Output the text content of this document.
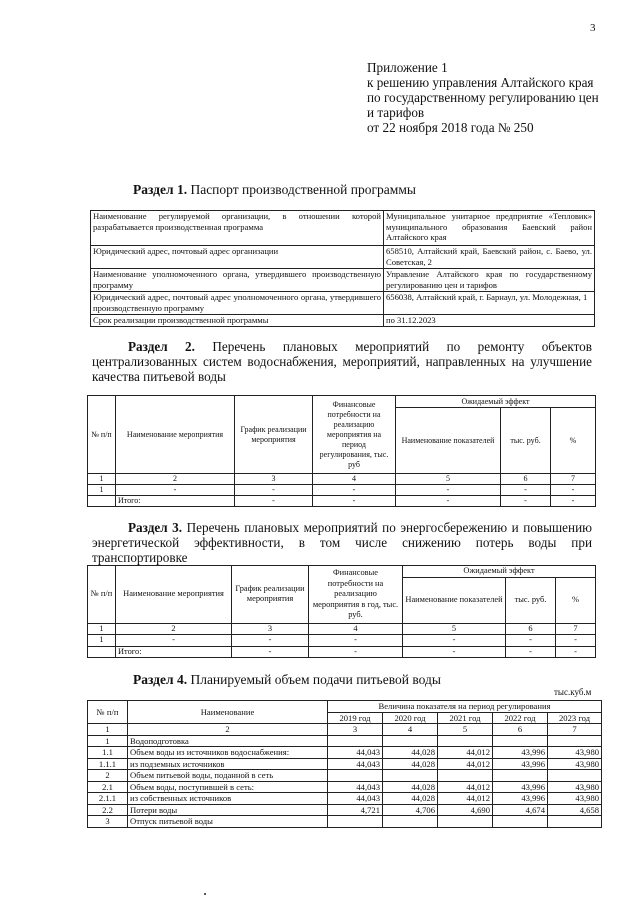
3
Приложение 1
к решению управления Алтайского края
по государственному регулированию цен
и тарифов
от 22 ноября 2018 года № 250
Раздел 1. Паспорт производственной программы
Наименование регулируемой организации, в отношении которой разрабатывается производственная программа	Муниципальное унитарное предприятие «Тепловик» муниципального образования Баевский район Алтайского края
Юридический адрес, почтовый адрес организации	658510, Алтайский край, Баевский район, с. Баево, ул. Советская, 2
Наименование уполномоченного органа, утвердившего производственную программу	Управление Алтайского края по государственному регулированию цен и тарифов
Юридический адрес, почтовый адрес уполномоченного органа, утвердившего производственную программу	656038, Алтайский край, г. Барнаул, ул. Молодежная, 1
Срок реализации производственной программы	по 31.12.2023
Раздел 2. Перечень плановых мероприятий по ремонту объектов централизованных систем водоснабжения, мероприятий, направленных на улучшение качества питьевой воды
№ п/п	Наименование мероприятия	График реализации мероприятия	Финансовые потребности на реализацию мероприятия на период регулирования, тыс. руб	Ожидаемый эффект		
				Наименование показателей	тыс. руб.	%
1	2	3	4	5	6	7
1	-	-	-	-	-	-
	Итого:	-	-	-	-	-
Раздел 3. Перечень плановых мероприятий по энергосбережению и повышению энергетической эффективности, в том числе снижению потерь воды при транспортировке
№ п/п	Наименование мероприятия	График реализации мероприятия	Финансовые потребности на реализацию мероприятия в год, тыс. руб.	Ожидаемый эффект		
				Наименование показателей	тыс. руб.	%
1	2	3	4	5	6	7
1	-	-	-	-	-	-
	Итого:	-	-	-	-	-
Раздел 4. Планируемый объем подачи питьевой воды
тыс.куб.м
№ п/п	Наименование	Величина показателя на период регулирования				
		2019 год	2020 год	2021 год	2022 год	2023 год
1	2	3	4	5	6	7
1	Водоподготовка					
1.1	Объем воды из источников водоснабжения:	44,043	44,028	44,012	43,996	43,980
1.1.1	из подземных источников	44,043	44,028	44,012	43,996	43,980
2	Объем питьевой воды, поданной в сеть					
2.1	Объем воды, поступившей в сеть:	44,043	44,028	44,012	43,996	43,980
2.1.1	из собственных источников	44,043	44,028	44,012	43,996	43,980
2.2	Потери воды	4,721	4,706	4,690	4,674	4,658
3	Отпуск питьевой воды					
